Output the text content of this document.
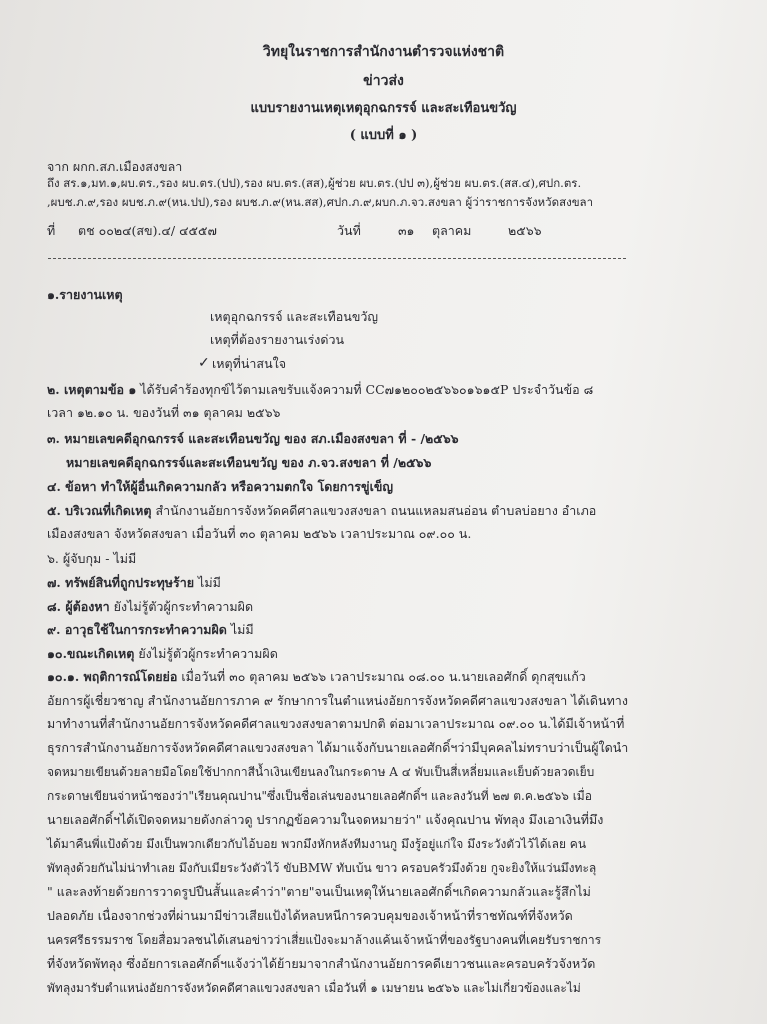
วิทยุในราชการสำนักงานตำรวจแห่งชาติ
ข่าวส่ง
แบบรายงานเหตุเหตุอุกฉกรรจ์ และสะเทือนขวัญ
( แบบที่ ๑ )
จาก ผกก.สภ.เมืองสงขลา
ถึง สร.๑,มท.๑,ผบ.ตร.,รอง ผบ.ตร.(ปป),รอง ผบ.ตร.(สส),ผู้ช่วย ผบ.ตร.(ปป ๓),ผู้ช่วย ผบ.ตร.(สส.๔),ศปก.ตร.
,ผบช.ภ.๙,รอง ผบช.ภ.๙(หน.ปป),รอง ผบช.ภ.๙(หน.สส),ศปก.ภ.๙,ผบก.ภ.จว.สงขลา ผู้ว่าราชการจังหวัดสงขลา
ที่ ตช ๐๐๒๔(สข).๔/ ๔๕๕๗	วันที่	๓๑ ตุลาคม	๒๕๖๖
๑.รายงานเหตุ
เหตุอุกฉกรรจ์ และสะเทือนขวัญ
เหตุที่ต้องรายงานเร่งด่วน
✓ เหตุที่น่าสนใจ
๒. เหตุตามข้อ ๑ ได้รับคำร้องทุกข์ไว้ตามเลขรับแจ้งความที่ CC๗๑๒๐๐๒๕๖๖๐๑๖๑๕P ประจำวันข้อ ๘
เวลา ๑๒.๑๐ น. ของวันที่ ๓๑ ตุลาคม ๒๕๖๖
๓. หมายเลขคดีอุกฉกรรจ์ และสะเทือนขวัญ ของ สภ.เมืองสงขลา ที่ - /๒๕๖๖
หมายเลขคดีอุกฉกรรจ์และสะเทือนขวัญ ของ ภ.จว.สงขลา ที่ /๒๕๖๖
๔. ข้อหา ทำให้ผู้อื่นเกิดความกลัว หรือความตกใจ โดยการขู่เข็ญ
๕. บริเวณที่เกิดเหตุ สำนักงานอัยการจังหวัดคดีศาลแขวงสงขลา ถนนแหลมสนอ่อน ตำบลบ่อยาง อำเภอ
เมืองสงขลา จังหวัดสงขลา เมื่อวันที่ ๓๐ ตุลาคม ๒๕๖๖ เวลาประมาณ ๐๙.๐๐ น.
๖. ผู้จับกุม - ไม่มี
๗. ทรัพย์สินที่ถูกประทุษร้าย ไม่มี
๘. ผู้ต้องหา ยังไม่รู้ตัวผู้กระทำความผิด
๙. อาวุธใช้ในการกระทำความผิด ไม่มี
๑๐.ขณะเกิดเหตุ ยังไม่รู้ตัวผู้กระทำความผิด
๑๐.๑. พฤติการณ์โดยย่อ เมื่อวันที่ ๓๐ ตุลาคม ๒๕๖๖ เวลาประมาณ ๐๘.๐๐ น.นายเลอศักดิ์ ดุกสุขแก้ว
อัยการผู้เชี่ยวชาญ สำนักงานอัยการภาค ๙ รักษาการในตำแหน่งอัยการจังหวัดคดีศาลแขวงสงขลา ได้เดินทาง
มาทำงานที่สำนักงานอัยการจังหวัดคดีศาลแขวงสงขลาตามปกติ ต่อมาเวลาประมาณ ๐๙.๐๐ น.ได้มีเจ้าหน้าที่
ธุรการสำนักงานอัยการจังหวัดคดีศาลแขวงสงขลา ได้มาแจ้งกับนายเลอศักดิ์ฯว่ามีบุคคลไม่ทราบว่าเป็นผู้ใดนำ
จดหมายเขียนด้วยลายมือโดยใช้ปากกาสีน้ำเงินเขียนลงในกระดาษ A ๔ พับเป็นสี่เหลี่ยมและเย็บด้วยลวดเย็บ
กระดาษเขียนจ่าหน้าซองว่า"เรียนคุณปาน"ซึ่งเป็นชื่อเล่นของนายเลอศักดิ์ฯ และลงวันที่ ๒๗ ต.ค.๒๕๖๖ เมื่อ
นายเลอศักดิ์ฯได้เปิดจดหมายดังกล่าวดู ปรากฏข้อความในจดหมายว่า" แจ้งคุณปาน พัทลุง มึงเอาเงินที่มึง
ได้มาคืนพี่แป้งด้วย มึงเป็นพวกเดียวกับไอ้บอย พวกมึงหักหลังทีมงานกู มึงรู้อยู่แก่ใจ มึงระวังตัวไว้ได้เลย คน
พัทลุงด้วยกันไม่น่าทำเลย มึงกับเมียระวังตัวไว้ ขับBMW ทับเบ้น ขาว ครอบครัวมึงด้วย กูจะยิงให้แว่นมึงทะลุ
" และลงท้ายด้วยการวาดรูปปืนสั้นและคำว่า"ตาย"จนเป็นเหตุให้นายเลอศักดิ์ฯเกิดความกลัวและรู้สึกไม่
ปลอดภัย เนื่องจากช่วงที่ผ่านมามีข่าวเสียแป้งได้หลบหนีการควบคุมของเจ้าหน้าที่ราชทัณฑ์ที่จังหวัด
นครศรีธรรมราช โดยสื่อมวลชนได้เสนอข่าวว่าเสี่ยแป้งจะมาล้างแค้นเจ้าหน้าที่ของรัฐบางคนที่เคยรับราชการ
ที่จังหวัดพัทลุง ซึ่งอัยการเลอศักดิ์ฯแจ้งว่าได้ย้ายมาจากสำนักงานอัยการคดีเยาวชนและครอบครัวจังหวัด
พัทลุงมารับตำแหน่งอัยการจังหวัดคดีศาลแขวงสงขลา เมื่อวันที่ ๑ เมษายน ๒๕๖๖ และไม่เกี่ยวข้องและไม่
